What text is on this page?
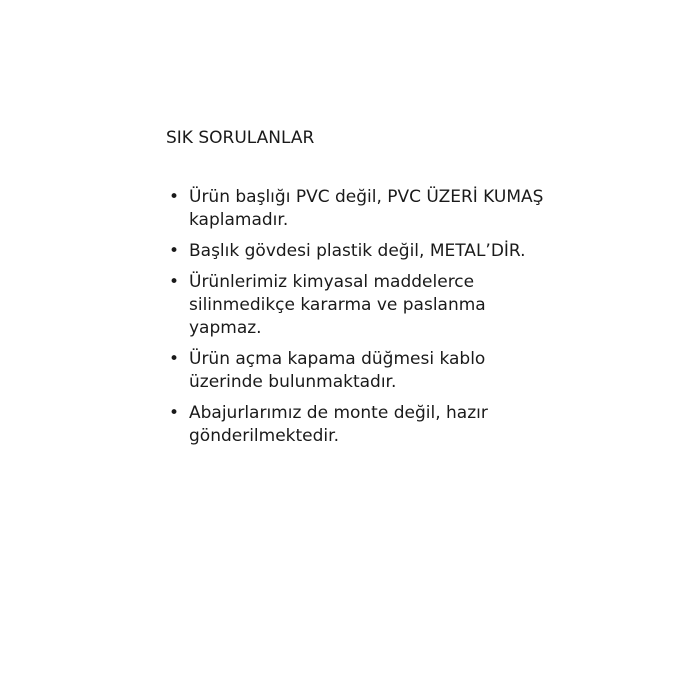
SIK SORULANLAR
• Ürün başlığı PVC değil, PVC ÜZERİ KUMAŞ kaplamadır.
• Başlık gövdesi plastik değil, METAL’DİR.
• Ürünlerimiz kimyasal maddelerce silinmedikçe kararma ve paslanma yapmaz.
• Ürün açma kapama düğmesi kablo üzerinde bulunmaktadır.
• Abajurlarımız de monte değil, hazır gönderilmektedir.
